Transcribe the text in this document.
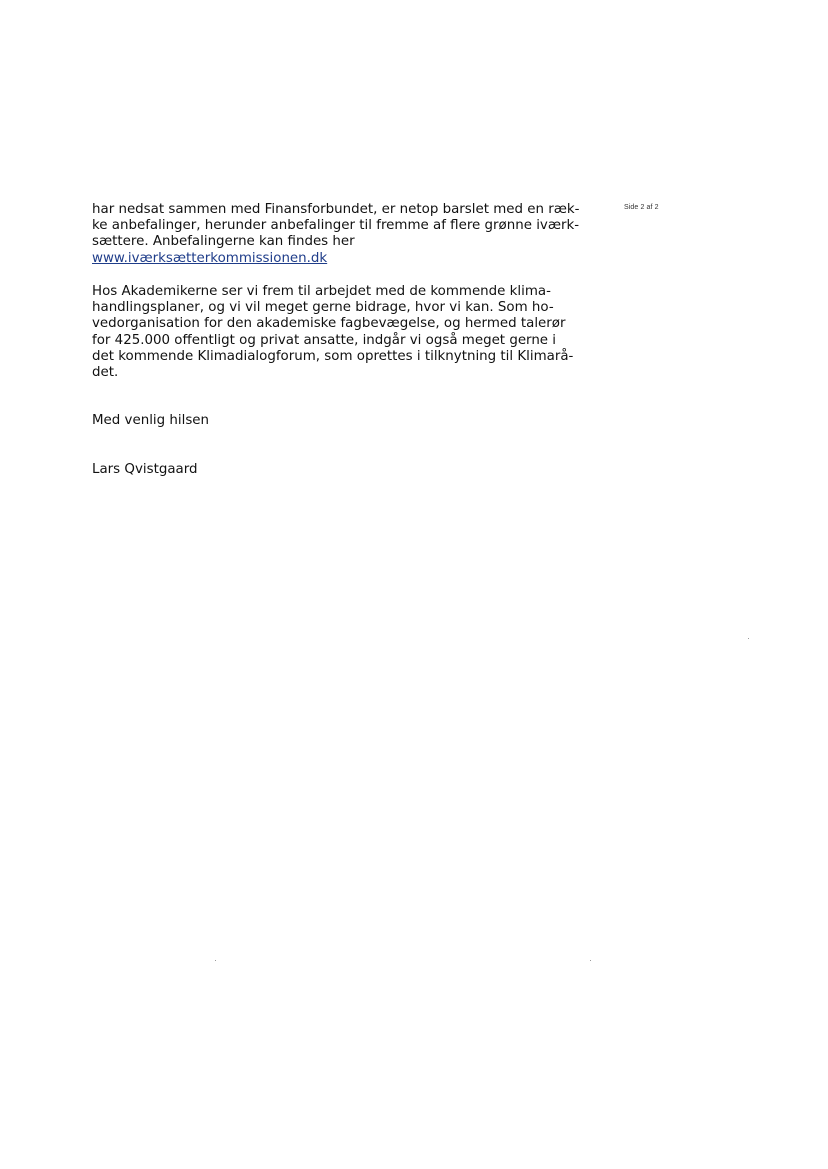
Side 2 af 2
har nedsat sammen med Finansforbundet, er netop barslet med en ræk-
ke anbefalinger, herunder anbefalinger til fremme af flere grønne iværk-
sættere. Anbefalingerne kan findes her
www.iværksætterkommissionen.dk
Hos Akademikerne ser vi frem til arbejdet med de kommende klima-
handlingsplaner, og vi vil meget gerne bidrage, hvor vi kan. Som ho-
vedorganisation for den akademiske fagbevægelse, og hermed talerør
for 425.000 offentligt og privat ansatte, indgår vi også meget gerne i
det kommende Klimadialogforum, som oprettes i tilknytning til Klimarå-
det.
Med venlig hilsen
Lars Qvistgaard
